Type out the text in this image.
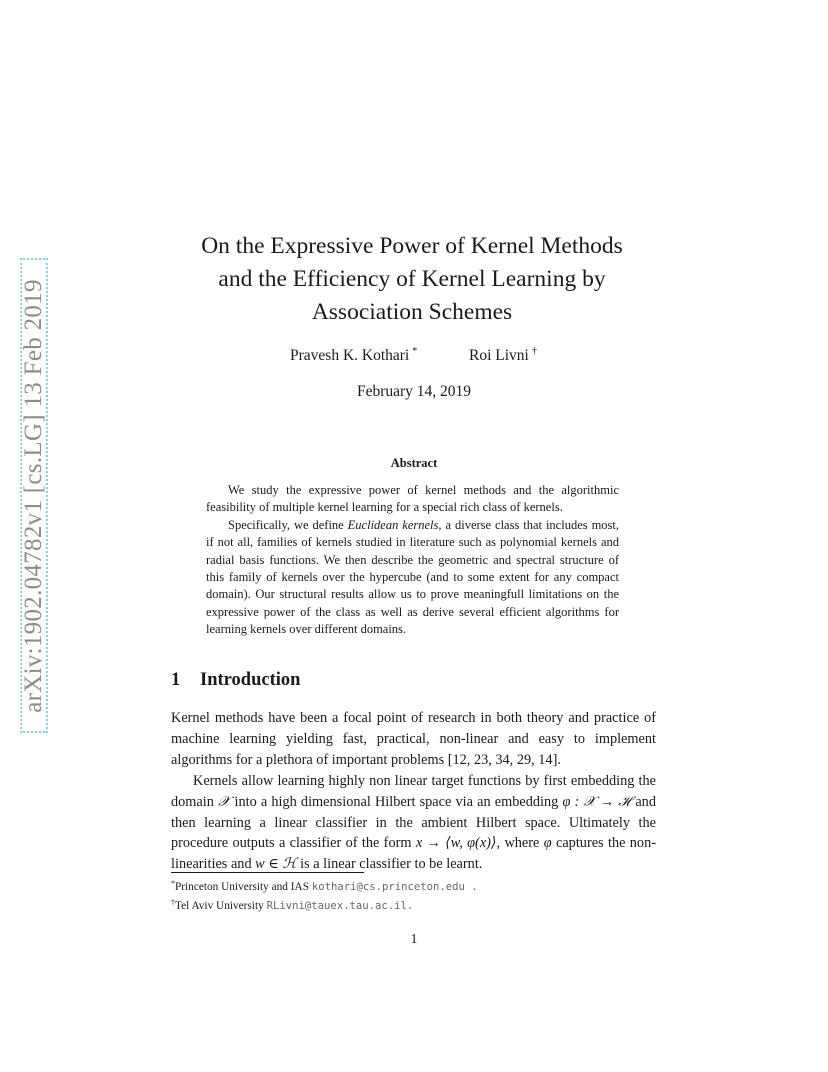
arXiv:1902.04782v1 [cs.LG] 13 Feb 2019
On the Expressive Power of Kernel Methods
and the Efficiency of Kernel Learning by
Association Schemes
Pravesh K. Kothari *	Roi Livni †
February 14, 2019
Abstract

We study the expressive power of kernel methods and the algorithmic feasibility of multiple kernel learning for a special rich class of kernels.

Specifically, we define Euclidean kernels, a diverse class that includes most, if not all, families of kernels studied in literature such as polynomial kernels and radial basis functions. We then describe the geometric and spectral structure of this family of kernels over the hypercube (and to some extent for any compact domain). Our structural results allow us to prove meaningfull limitations on the expressive power of the class as well as derive several efficient algorithms for learning kernels over different domains.

1 Introduction

Kernel methods have been a focal point of research in both theory and practice of machine learning yielding fast, practical, non-linear and easy to implement algorithms for a plethora of important problems [12, 23, 34, 29, 14].

Kernels allow learning highly non linear target functions by first embedding the domain 𝒳 into a high dimensional Hilbert space via an embedding φ : 𝒳 → ℋ and then learning a linear classifier in the ambient Hilbert space. Ultimately the procedure outputs a classifier of the form x → ⟨w, φ(x)⟩, where φ captures the non-linearities and w ∈ ℋ is a linear classifier to be learnt.

*Princeton University and IAS kothari@cs.princeton.edu .
†Tel Aviv University RLivni@tauex.tau.ac.il.
1
